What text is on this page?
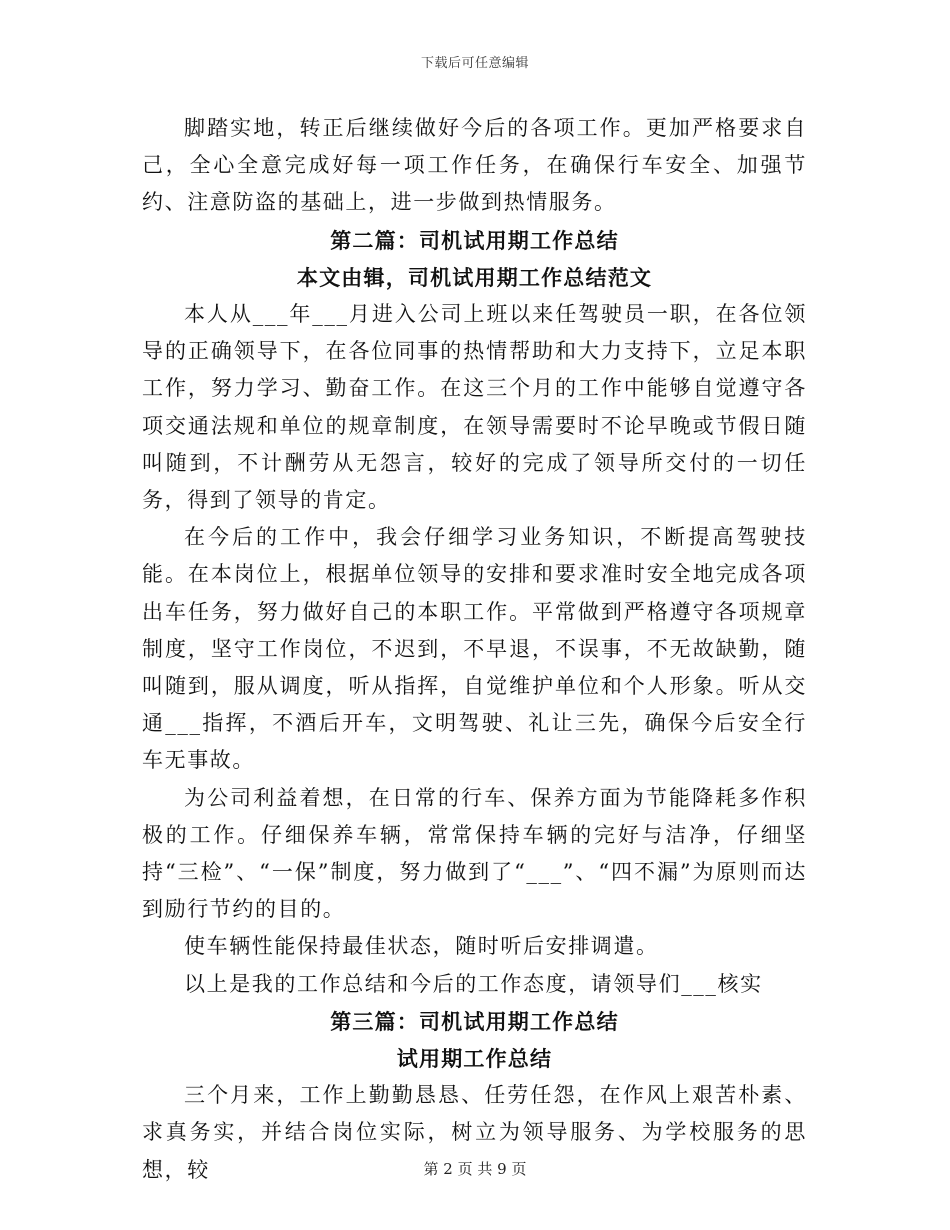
下载后可任意编辑

脚踏实地，转正后继续做好今后的各项工作。更加严格要求自己，全心全意完成好每一项工作任务，在确保行车安全、加强节约、注意防盗的基础上，进一步做到热情服务。

第二篇：司机试用期工作总结

本文由辑，司机试用期工作总结范文

本人从___年___月进入公司上班以来任驾驶员一职，在各位领导的正确领导下，在各位同事的热情帮助和大力支持下，立足本职工作，努力学习、勤奋工作。在这三个月的工作中能够自觉遵守各项交通法规和单位的规章制度，在领导需要时不论早晚或节假日随叫随到，不计酬劳从无怨言，较好的完成了领导所交付的一切任务，得到了领导的肯定。

在今后的工作中，我会仔细学习业务知识，不断提高驾驶技能。在本岗位上，根据单位领导的安排和要求准时安全地完成各项出车任务，努力做好自己的本职工作。平常做到严格遵守各项规章制度，坚守工作岗位，不迟到，不早退，不误事，不无故缺勤，随叫随到，服从调度，听从指挥，自觉维护单位和个人形象。听从交通___指挥，不酒后开车，文明驾驶、礼让三先，确保今后安全行车无事故。

为公司利益着想，在日常的行车、保养方面为节能降耗多作积极的工作。仔细保养车辆，常常保持车辆的完好与洁净，仔细坚持“三检”、“一保”制度，努力做到了“___”、“四不漏”为原则而达到励行节约的目的。

使车辆性能保持最佳状态，随时听后安排调遣。

以上是我的工作总结和今后的工作态度，请领导们___核实

第三篇：司机试用期工作总结

试用期工作总结

三个月来，工作上勤勤恳恳、任劳任怨，在作风上艰苦朴素、求真务实，并结合岗位实际，树立为领导服务、为学校服务的思想，较	第 2 页 共 9 页
